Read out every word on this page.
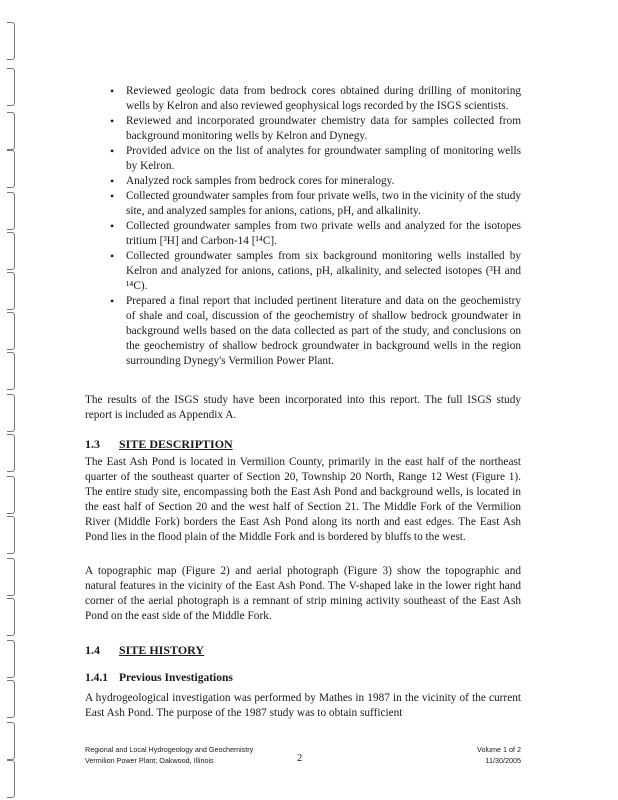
• Reviewed geologic data from bedrock cores obtained during drilling of monitoring wells by Kelron and also reviewed geophysical logs recorded by the ISGS scientists.
• Reviewed and incorporated groundwater chemistry data for samples collected from background monitoring wells by Kelron and Dynegy.
• Provided advice on the list of analytes for groundwater sampling of monitoring wells by Kelron.
• Analyzed rock samples from bedrock cores for mineralogy.
• Collected groundwater samples from four private wells, two in the vicinity of the study site, and analyzed samples for anions, cations, pH, and alkalinity.
• Collected groundwater samples from two private wells and analyzed for the isotopes tritium [³H] and Carbon-14 [¹⁴C].
• Collected groundwater samples from six background monitoring wells installed by Kelron and analyzed for anions, cations, pH, alkalinity, and selected isotopes (³H and ¹⁴C).
• Prepared a final report that included pertinent literature and data on the geochemistry of shale and coal, discussion of the geochemistry of shallow bedrock groundwater in background wells based on the data collected as part of the study, and conclusions on the geochemistry of shallow bedrock groundwater in background wells in the region surrounding Dynegy's Vermilion Power Plant.

The results of the ISGS study have been incorporated into this report. The full ISGS study report is included as Appendix A.

1.3 SITE DESCRIPTION

The East Ash Pond is located in Vermilion County, primarily in the east half of the northeast quarter of the southeast quarter of Section 20, Township 20 North, Range 12 West (Figure 1). The entire study site, encompassing both the East Ash Pond and background wells, is located in the east half of Section 20 and the west half of Section 21. The Middle Fork of the Vermilion River (Middle Fork) borders the East Ash Pond along its north and east edges. The East Ash Pond lies in the flood plain of the Middle Fork and is bordered by bluffs to the west.

A topographic map (Figure 2) and aerial photograph (Figure 3) show the topographic and natural features in the vicinity of the East Ash Pond. The V-shaped lake in the lower right hand corner of the aerial photograph is a remnant of strip mining activity southeast of the East Ash Pond on the east side of the Middle Fork.

1.4 SITE HISTORY
1.4.1 Previous Investigations

A hydrogeological investigation was performed by Mathes in 1987 in the vicinity of the current East Ash Pond. The purpose of the 1987 study was to obtain sufficient

Regional and Local Hydrogeology and Geochemistry
Vermilion Power Plant; Oakwood, Illinois	2
Volume 1 of 2
11/30/2005
